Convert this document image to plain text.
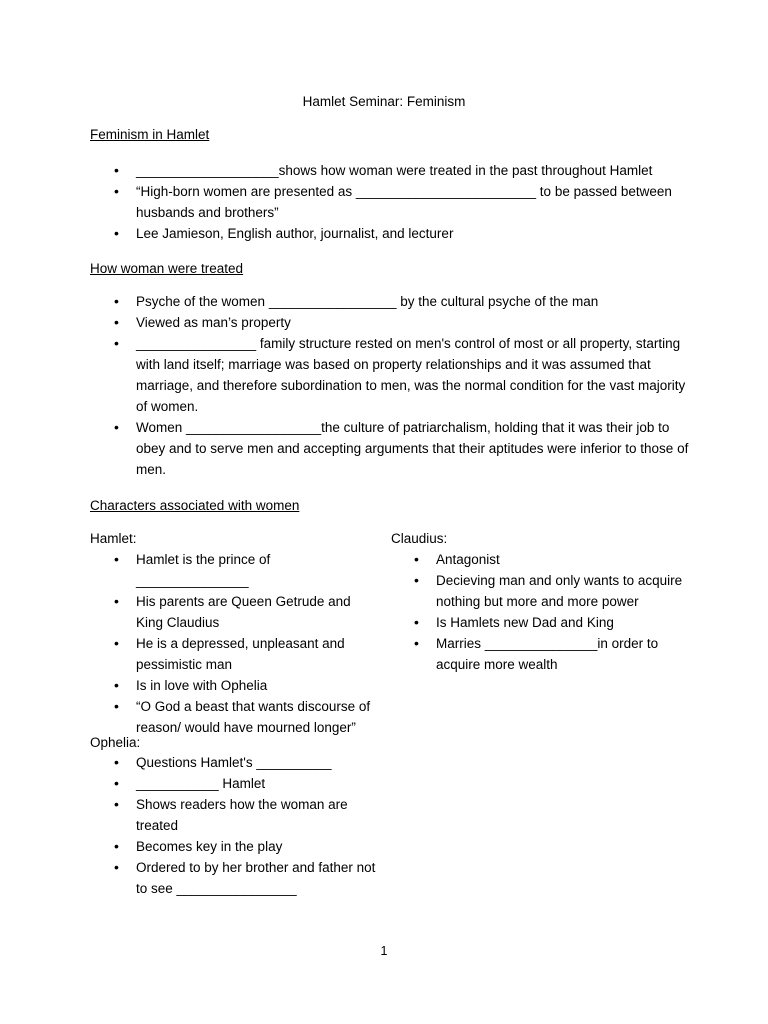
Hamlet Seminar: Feminism
Feminism in Hamlet
• ___________________shows how woman were treated in the past throughout Hamlet
• “High-born women are presented as ________________________ to be passed between husbands and brothers”
• Lee Jamieson, English author, journalist, and lecturer
How woman were treated
• Psyche of the women _________________ by the cultural psyche of the man
• Viewed as man’s property
• ________________ family structure rested on men's control of most or all property, starting with land itself; marriage was based on property relationships and it was assumed that marriage, and therefore subordination to men, was the normal condition for the vast majority of women.
• Women __________________the culture of patriarchalism, holding that it was their job to obey and to serve men and accepting arguments that their aptitudes were inferior to those of men.
Characters associated with women
Hamlet:
• Hamlet is the prince of _______________
• His parents are Queen Getrude and King Claudius
• He is a depressed, unpleasant and pessimistic man
• Is in love with Ophelia
• “O God a beast that wants discourse of reason/ would have mourned longer”
Claudius:
• Antagonist
• Decieving man and only wants to acquire nothing but more and more power
• Is Hamlets new Dad and King
• Marries _______________in order to acquire more wealth
Ophelia:
• Questions Hamlet's __________
• ___________ Hamlet
• Shows readers how the woman are treated
• Becomes key in the play
• Ordered to by her brother and father not to see ________________
1
